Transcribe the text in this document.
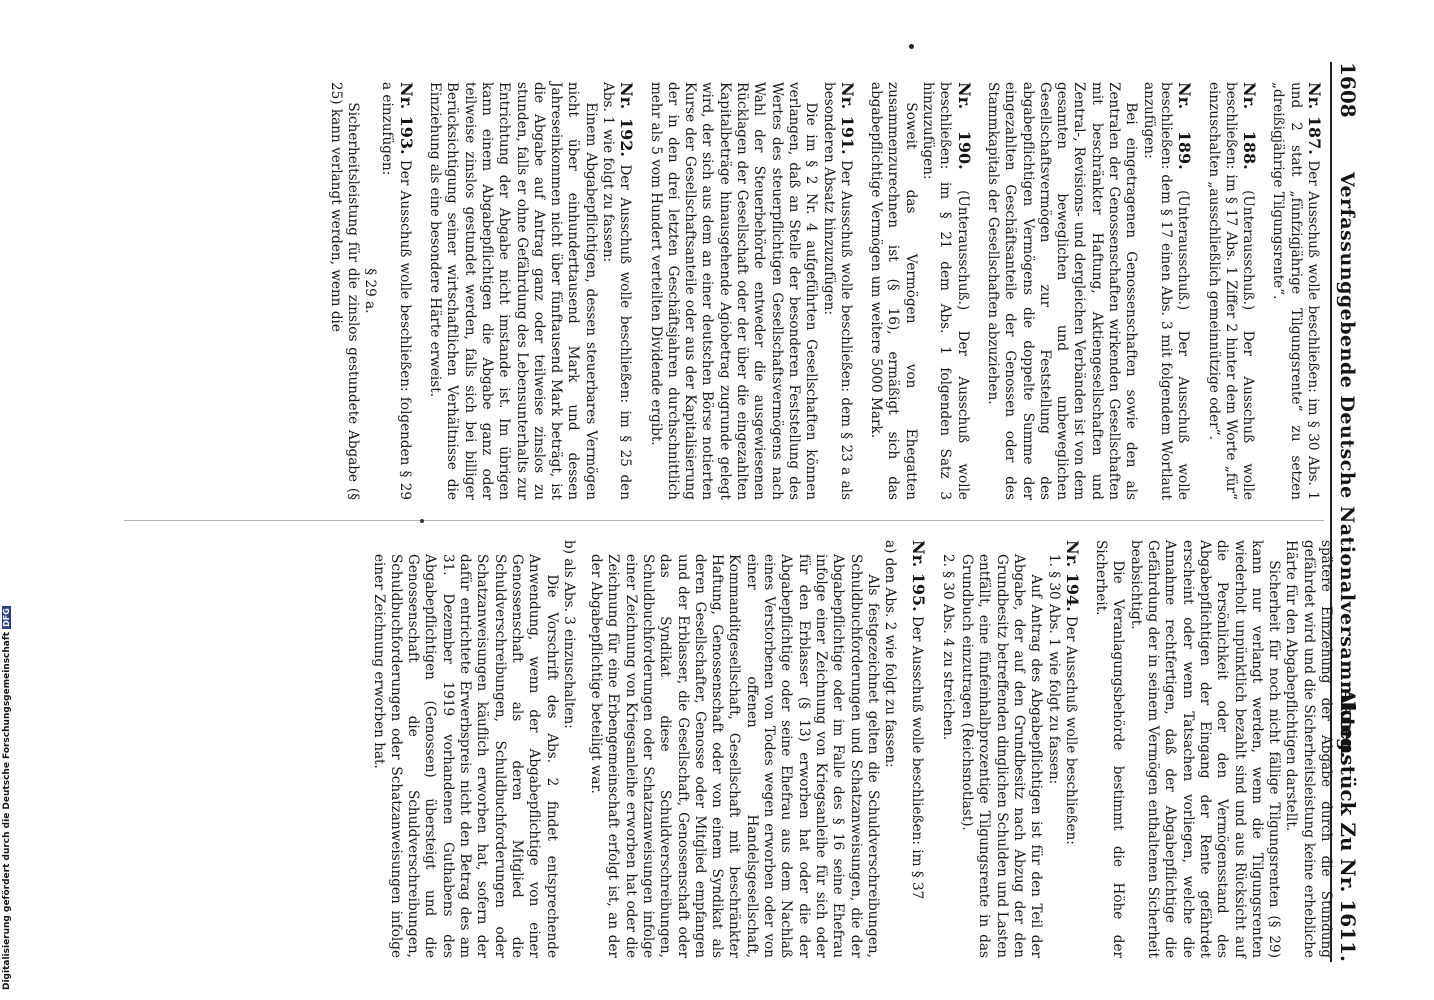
1608
Verfassunggebende Deutsche Nationalversammlung.
Aktenstück Zu Nr. 1611.

Nr. 187. Der Ausschuß wolle beschließen: im § 30 Abs. 1 und 2 statt „fünfzigjährige Tilgungsrente“ zu setzen „dreißigjährige Tilgungsrente“.

Nr. 188. (Unterausschuß.) Der Ausschuß wolle beschließen: im § 17 Abs. 1 Ziffer 2 hinter dem Worte „für“ einzuschalten „ausschließlich gemeinnützige oder“.

Nr. 189. (Unterausschuß.) Der Ausschuß wolle beschließen: dem § 17 einen Abs. 3 mit folgendem Wortlaut anzufügen:

Bei eingetragenen Genossenschaften sowie den als Zentralen der Genossenschaften wirkenden Gesellschaften mit beschränkter Haftung, Aktiengesellschaften und Zentral-, Revisions- und dergleichen Verbänden ist von dem gesamten beweglichen und unbeweglichen Gesellschaftsvermögen zur Feststellung des abgabepflichtigen Vermögens die doppelte Summe der eingezahlten Geschäftsanteile der Genossen oder des Stammkapitals der Gesellschaften abzuziehen.

Nr. 190. (Unterausschuß.) Der Ausschuß wolle beschließen: im § 21 dem Abs. 1 folgenden Satz 3 hinzuzufügen:

Soweit das Vermögen von Ehegatten zusammenzurechnen ist (§ 16), ermäßigt sich das abgabepflichtige Vermögen um weitere 5000 Mark.

Nr. 191. Der Ausschuß wolle beschließen: dem § 23 a als besonderen Absatz hinzuzufügen:

Die im § 2 Nr. 4 aufgeführten Gesellschaften können verlangen, daß an Stelle der besonderen Feststellung des Wertes des steuerpflichtigen Gesellschaftsvermögens nach Wahl der Steuerbehörde entweder die ausgewiesenen Rücklagen der Gesellschaft oder der über die eingezahlten Kapitalbeträge hinausgehende Agiobetrag zugrunde gelegt wird, der sich aus dem an einer deutschen Börse notierten Kurse der Gesellschaftsanteile oder aus der Kapitalisierung der in den drei letzten Geschäftsjahren durchschnittlich mehr als 5 vom Hundert verteilten Dividende ergibt.

Nr. 192. Der Ausschuß wolle beschließen: im § 25 den Abs. 1 wie folgt zu fassen:

Einem Abgabepflichtigen, dessen steuerbares Vermögen nicht über einhunderttausend Mark und dessen Jahreseinkommen nicht über fünftausend Mark beträgt, ist die Abgabe auf Antrag ganz oder teilweise zinslos zu stunden, falls er ohne Gefährdung des Lebensunterhalts zur Entrichtung der Abgabe nicht imstande ist. Im übrigen kann einem Abgabepflichtigen die Abgabe ganz oder teilweise zinslos gestundet werden, falls sich bei billiger Berücksichtigung seiner wirtschaftlichen Verhältnisse die Einziehung als eine besondere Härte erweist.

Nr. 193. Der Ausschuß wolle beschließen: folgenden § 29 a einzufügen:

§ 29 a.

Sicherheitsleistung für die zinslos gestundete Abgabe (§ 25) kann verlangt werden, wenn die

spätere Einziehung der Abgabe durch die Stundung gefährdet wird und die Sicherheitsleistung keine erhebliche Härte für den Abgabepflichtigen darstellt.

Sicherheit für noch nicht fällige Tilgungsrenten (§ 29) kann nur verlangt werden, wenn die Tilgungsrenten wiederholt unpünktlich bezahlt sind und aus Rücksicht auf die Persönlichkeit oder den Vermögensstand des Abgabepflichtigen der Eingang der Rente gefährdet erscheint oder wenn Tatsachen vorliegen, welche die Annahme rechtfertigen, daß der Abgabepflichtige die Gefährdung der in seinem Vermögen enthaltenen Sicherheit beabsichtigt.

Die Veranlagungsbehörde bestimmt die Höhe der Sicherheit.

Nr. 194. Der Ausschuß wolle beschließen:

1. § 30 Abs. 1 wie folgt zu fassen:

Auf Antrag des Abgabepflichtigen ist für den Teil der Abgabe, der auf den Grundbesitz nach Abzug der den Grundbesitz betreffenden dinglichen Schulden und Lasten entfällt, eine fünfeinhalbprozentige Tilgungsrente in das Grundbuch einzutragen (Reichsnotlast).

2. § 30 Abs. 4 zu streichen.

Nr. 195. Der Ausschuß wolle beschließen: im § 37

a) den Abs. 2 wie folgt zu fassen:

Als festgezeichnet gelten die Schuldverschreibungen, Schuldbuchforderungen und Schatzanweisungen, die der Abgabepflichtige oder im Falle des § 16 seine Ehefrau infolge einer Zeichnung von Kriegsanleihe für sich oder für den Erblasser (§ 13) erworben hat oder die der Abgabepflichtige oder seine Ehefrau aus dem Nachlaß eines Verstorbenen von Todes wegen erworben oder von einer offenen Handelsgesellschaft, Kommanditgesellschaft, Gesellschaft mit beschränkter Haftung, Genossenschaft oder von einem Syndikat als deren Gesellschafter, Genosse oder Mitglied empfangen und der Erblasser, die Gesellschaft, Genossenschaft oder das Syndikat diese Schuldverschreibungen, Schuldbuchforderungen oder Schatzanweisungen infolge einer Zeichnung von Kriegsanleihe erworben hat oder die Zeichnung für eine Erbengemeinschaft erfolgt ist, an der der Abgabepflichtige beteiligt war.

b) als Abs. 3 einzuschalten:

Die Vorschrift des Abs. 2 findet entsprechende Anwendung, wenn der Abgabepflichtige von einer Genossenschaft als deren Mitglied die Schuldverschreibungen, Schuldbuchforderungen oder Schatzanweisungen käuflich erworben hat, sofern der dafür entrichtete Erwerbspreis nicht den Betrag des am 31. Dezember 1919 vorhandenen Guthabens des Abgabepflichtigen (Genossen) übersteigt und die Genossenschaft die Schuldverschreibungen, Schuldbuchforderungen oder Schatzanweisungen infolge einer Zeichnung erworben hat.

Digitalisierung gefördert durch die Deutsche ForschungsgemeinschaftDFG
